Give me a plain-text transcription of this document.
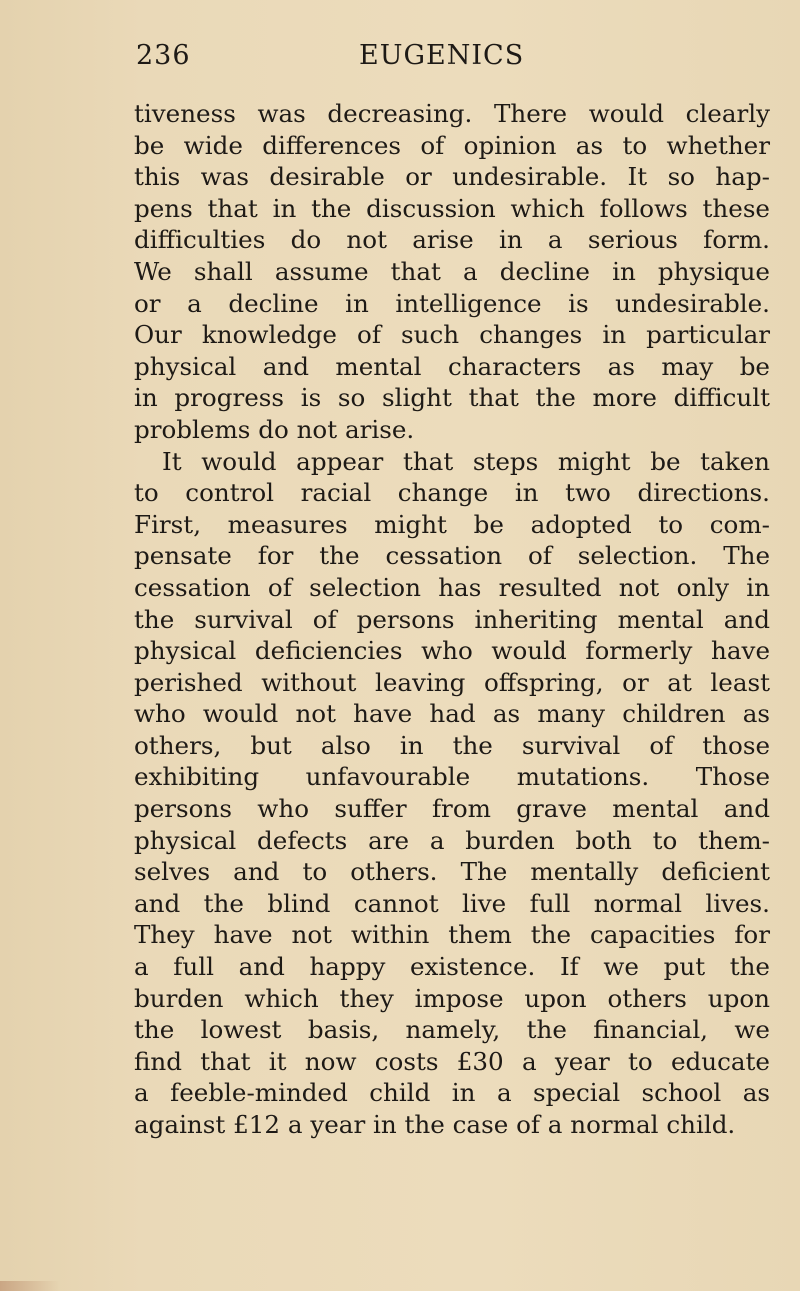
236	EUGENICS
tiveness was decreasing. There would clearly
be wide differences of opinion as to whether
this was desirable or undesirable. It so hap-
pens that in the discussion which follows these
difficulties do not arise in a serious form.
We shall assume that a decline in physique
or a decline in intelligence is undesirable.
Our knowledge of such changes in particular
physical and mental characters as may be
in progress is so slight that the more difficult
problems do not arise.
It would appear that steps might be taken
to control racial change in two directions.
First, measures might be adopted to com-
pensate for the cessation of selection. The
cessation of selection has resulted not only in
the survival of persons inheriting mental and
physical deficiencies who would formerly have
perished without leaving offspring, or at least
who would not have had as many children as
others, but also in the survival of those
exhibiting unfavourable mutations. Those
persons who suffer from grave mental and
physical defects are a burden both to them-
selves and to others. The mentally deficient
and the blind cannot live full normal lives.
They have not within them the capacities for
a full and happy existence. If we put the
burden which they impose upon others upon
the lowest basis, namely, the financial, we
find that it now costs £30 a year to educate
a feeble-minded child in a special school as
against £12 a year in the case of a normal child.
